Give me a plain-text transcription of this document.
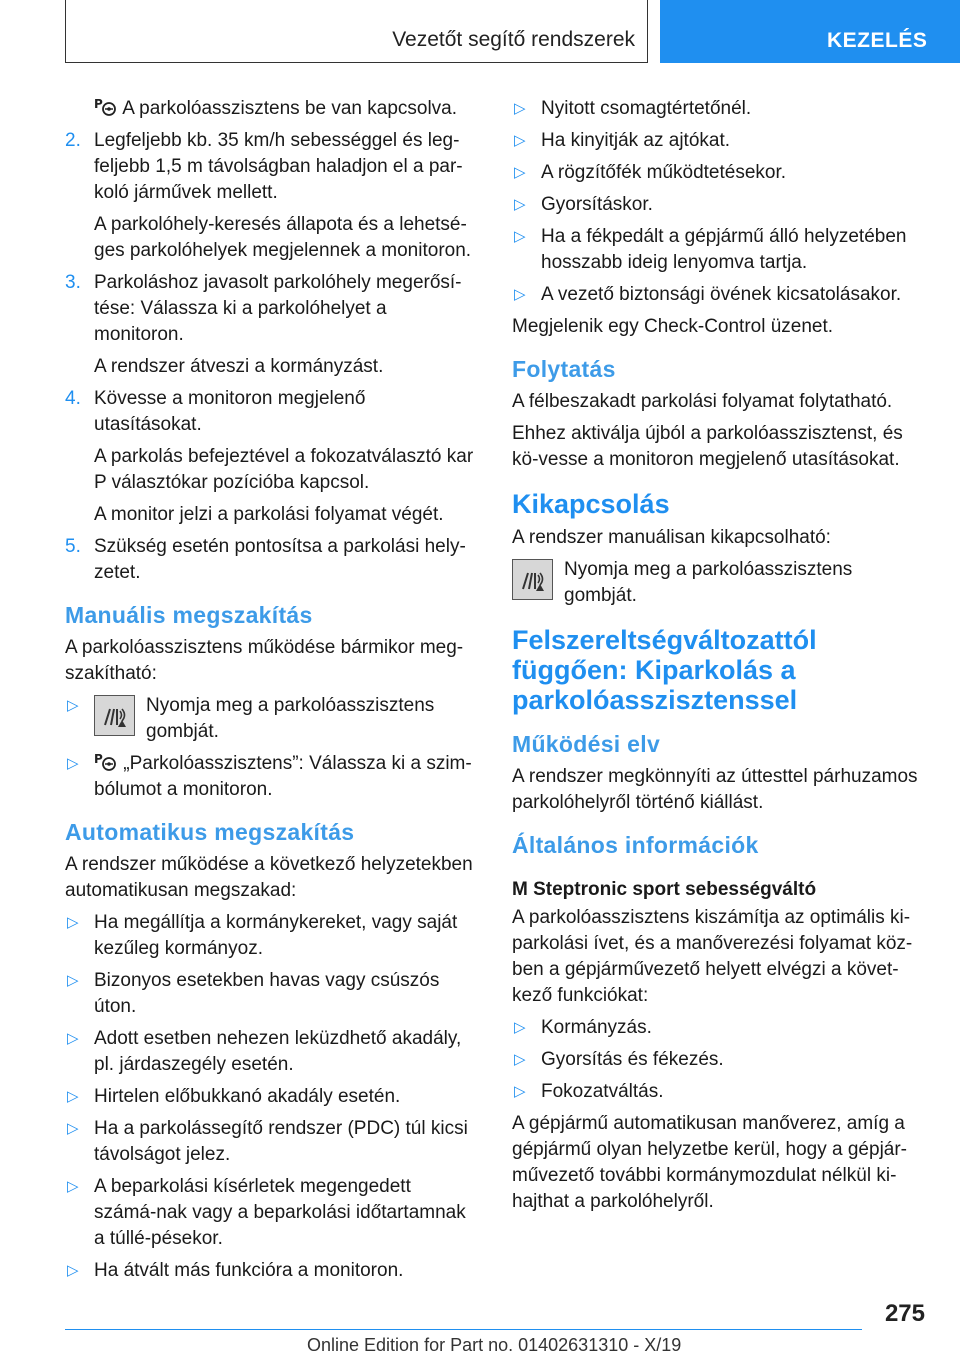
Vezetőt segítő rendszerek	KEZELÉS
P A parkolóasszisztens be van kapcsolva.
2. Legfeljebb kb. 35 km/h sebességgel és leg-feljebb 1,5 m távolságban haladjon el a par-koló járművek mellett.
A parkolóhely-keresés állapota és a lehetsé-ges parkolóhelyek megjelennek a monitoron.
3. Parkoláshoz javasolt parkolóhely megerősí-tése: Válassza ki a parkolóhelyet a monitoron.
A rendszer átveszi a kormányzást.
4. Kövesse a monitoron megjelenő utasításokat.
A parkolás befejeztével a fokozatválasztó kar P választókar pozícióba kapcsol.
A monitor jelzi a parkolási folyamat végét.
5. Szükség esetén pontosítsa a parkolási hely-zetet.
Manuális megszakítás
A parkolóasszisztens működése bármikor meg-szakítható:
▷	Nyomja meg a parkolóasszisztens gombját.
▷ P „Parkolóasszisztens”: Válassza ki a szim-bólumot a monitoron.
Automatikus megszakítás
A rendszer működése a következő helyzetekben automatikusan megszakad:
▷ Ha megállítja a kormánykereket, vagy saját kezűleg kormányoz.
▷ Bizonyos esetekben havas vagy csúszós úton.
▷ Adott esetben nehezen leküzdhető akadály, pl. járdaszegély esetén.
▷ Hirtelen előbukkanó akadály esetén.
▷ Ha a parkolássegítő rendszer (PDC) túl kicsi távolságot jelez.
▷ A beparkolási kísérletek megengedett számá-nak vagy a beparkolási időtartamnak a túllé-pésekor.
▷ Ha átvált más funkcióra a monitoron.
▷ Nyitott csomagtértetőnél.
▷ Ha kinyitják az ajtókat.
▷ A rögzítőfék működtetésekor.
▷ Gyorsításkor.
▷ Ha a fékpedált a gépjármű álló helyzetében hosszabb ideig lenyomva tartja.
▷ A vezető biztonsági övének kicsatolásakor.
Megjelenik egy Check-Control üzenet.
Folytatás
A félbeszakadt parkolási folyamat folytatható.
Ehhez aktiválja újból a parkolóasszisztenst, és kö-vesse a monitoron megjelenő utasításokat.
Kikapcsolás
A rendszer manuálisan kikapcsolható:
Nyomja meg a parkolóasszisztens gombját.
Felszereltségváltozattól függően: Kiparkolás a parkolóasszisztenssel
Működési elv
A rendszer megkönnyíti az úttesttel párhuzamos parkolóhelyről történő kiállást.
Általános információk
M Steptronic sport sebességváltó
A parkolóasszisztens kiszámítja az optimális ki-parkolási ívet, és a manőverezési folyamat köz-ben a gépjárművezető helyett elvégzi a követ-kező funkciókat:
▷ Kormányzás.
▷ Gyorsítás és fékezés.
▷ Fokozatváltás.
A gépjármű automatikusan manőverez, amíg a gépjármű olyan helyzetbe kerül, hogy a gépjár-művezető további kormánymozdulat nélkül ki-hajthat a parkolóhelyről.
275
Online Edition for Part no. 01402631310 - X/19
